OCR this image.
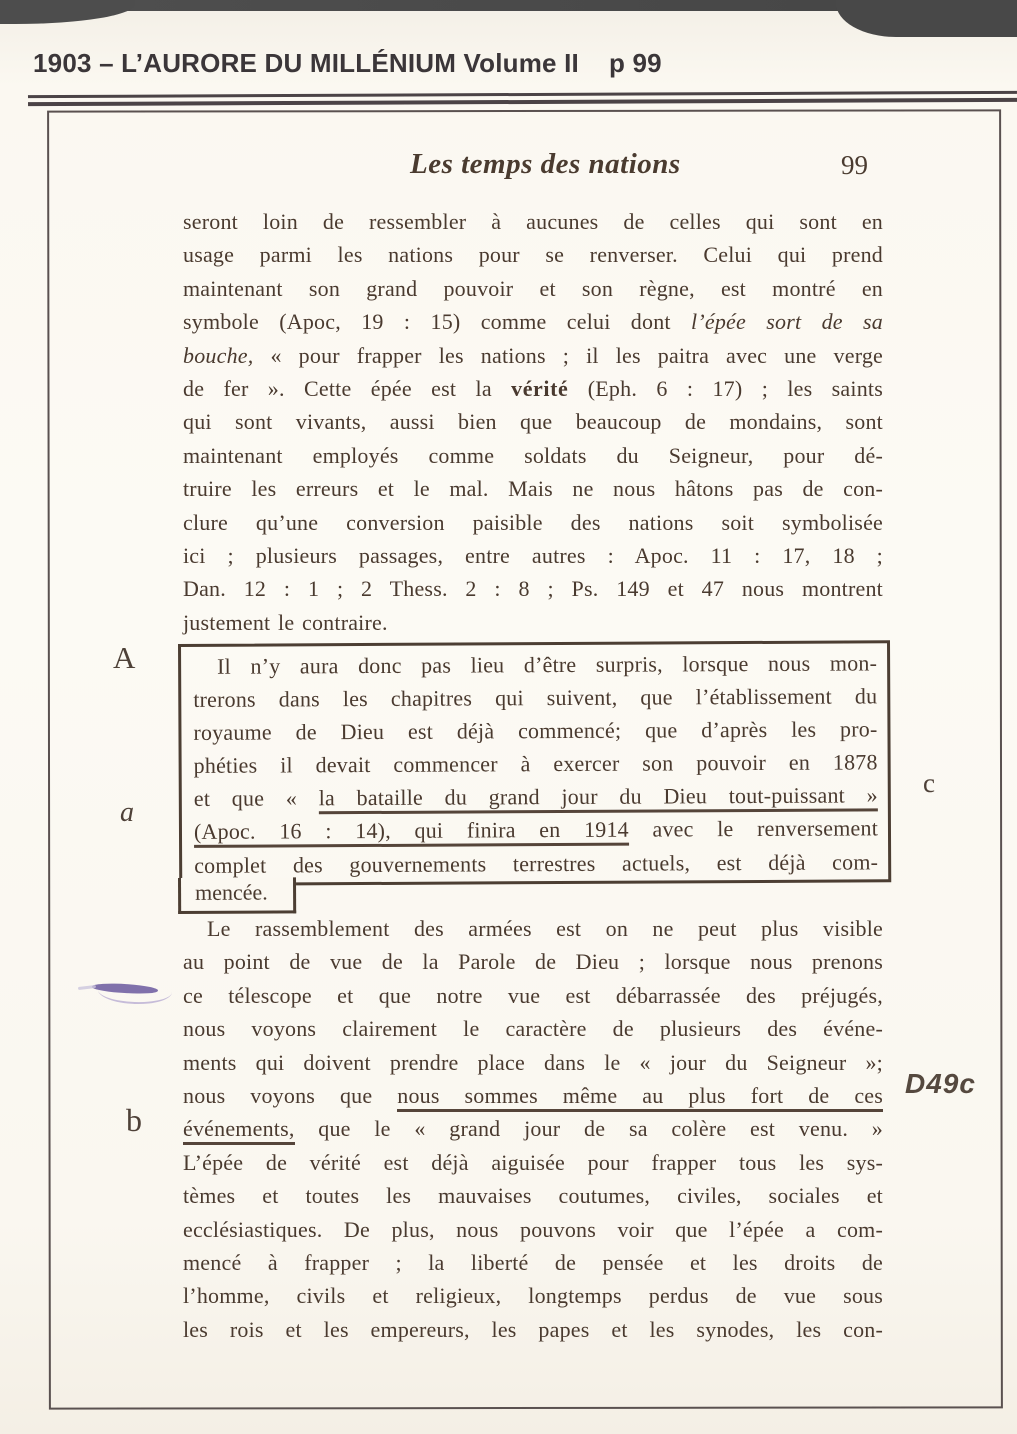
1903 – L’AURORE DU MILLÉNIUM Volume II p 99
Les temps des nations	99
seront loin de ressembler à aucunes de celles qui sont en
usage parmi les nations pour se renverser. Celui qui prend
maintenant son grand pouvoir et son règne, est montré en
symbole (Apoc, 19 : 15) comme celui dont l’épée sort de sa
bouche, « pour frapper les nations ; il les paitra avec une verge
de fer ». Cette épée est la vérité (Eph. 6 : 17) ; les saints
qui sont vivants, aussi bien que beaucoup de mondains, sont
maintenant employés comme soldats du Seigneur, pour dé-
truire les erreurs et le mal. Mais ne nous hâtons pas de con-
clure qu’une conversion paisible des nations soit symbolisée
ici ; plusieurs passages, entre autres : Apoc. 11 : 17, 18 ;
Dan. 12 : 1 ; 2 Thess. 2 : 8 ; Ps. 149 et 47 nous montrent
justement le contraire.
Il n’y aura donc pas lieu d’être surpris, lorsque nous mon-
trerons dans les chapitres qui suivent, que l’établissement du
royaume de Dieu est déjà commencé; que d’après les pro-
phéties il devait commencer à exercer son pouvoir en 1878
et que « la bataille du grand jour du Dieu tout-puissant »
(Apoc. 16 : 14), qui finira en 1914 avec le renversement
complet des gouvernements terrestres actuels, est déjà com-
mencée.
Le rassemblement des armées est on ne peut plus visible
au point de vue de la Parole de Dieu ; lorsque nous prenons
ce télescope et que notre vue est débarrassée des préjugés,
nous voyons clairement le caractère de plusieurs des événe-
ments qui doivent prendre place dans le « jour du Seigneur »;
nous voyons que nous sommes même au plus fort de ces
événements, que le « grand jour de sa colère est venu. »
L’épée de vérité est déjà aiguisée pour frapper tous les sys-
tèmes et toutes les mauvaises coutumes, civiles, sociales et
ecclésiastiques. De plus, nous pouvons voir que l’épée a com-
mencé à frapper ; la liberté de pensée et les droits de
l’homme, civils et religieux, longtemps perdus de vue sous
les rois et les empereurs, les papes et les synodes, les con-
A
a
b
c
D49c
